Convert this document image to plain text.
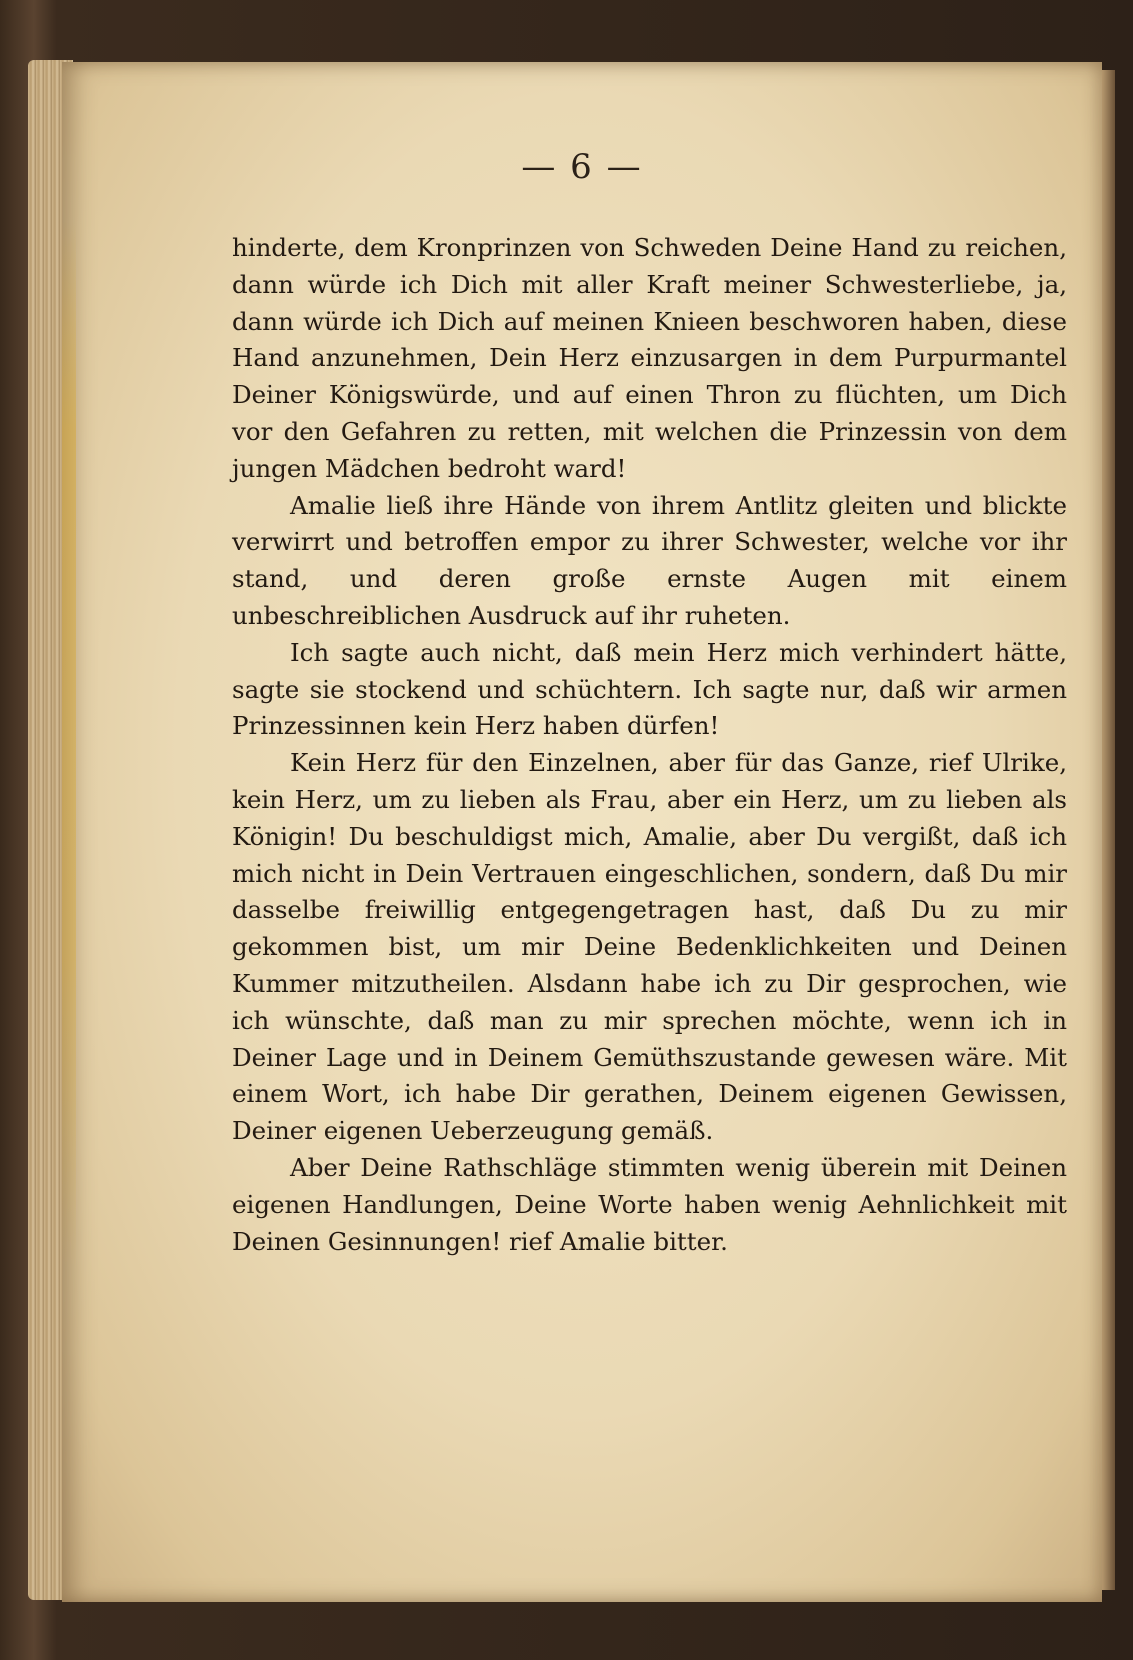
— 6 —

hinderte, dem Kronprinzen von Schweden Deine Hand zu reichen, dann würde ich Dich mit aller Kraft meiner Schwesterliebe, ja, dann würde ich Dich auf meinen Knieen beschworen haben, diese Hand anzunehmen, Dein Herz einzusargen in dem Purpurmantel Deiner Königswürde, und auf einen Thron zu flüchten, um Dich vor den Gefahren zu retten, mit welchen die Prinzessin von dem jungen Mädchen bedroht ward!

Amalie ließ ihre Hände von ihrem Antlitz gleiten und blickte verwirrt und betroffen empor zu ihrer Schwester, welche vor ihr stand, und deren große ernste Augen mit einem unbeschreiblichen Ausdruck auf ihr ruheten.

Ich sagte auch nicht, daß mein Herz mich verhindert hätte, sagte sie stockend und schüchtern. Ich sagte nur, daß wir armen Prinzessinnen kein Herz haben dürfen!

Kein Herz für den Einzelnen, aber für das Ganze, rief Ulrike, kein Herz, um zu lieben als Frau, aber ein Herz, um zu lieben als Königin! Du beschuldigst mich, Amalie, aber Du vergißt, daß ich mich nicht in Dein Vertrauen eingeschlichen, sondern, daß Du mir dasselbe freiwillig entgegengetragen hast, daß Du zu mir gekommen bist, um mir Deine Bedenklichkeiten und Deinen Kummer mitzutheilen. Alsdann habe ich zu Dir gesprochen, wie ich wünschte, daß man zu mir sprechen möchte, wenn ich in Deiner Lage und in Deinem Gemüthszustande gewesen wäre. Mit einem Wort, ich habe Dir gerathen, Deinem eigenen Gewissen, Deiner eigenen Ueberzeugung gemäß.

Aber Deine Rathschläge stimmten wenig überein mit Deinen eigenen Handlungen, Deine Worte haben wenig Aehnlichkeit mit Deinen Gesinnungen! rief Amalie bitter.
